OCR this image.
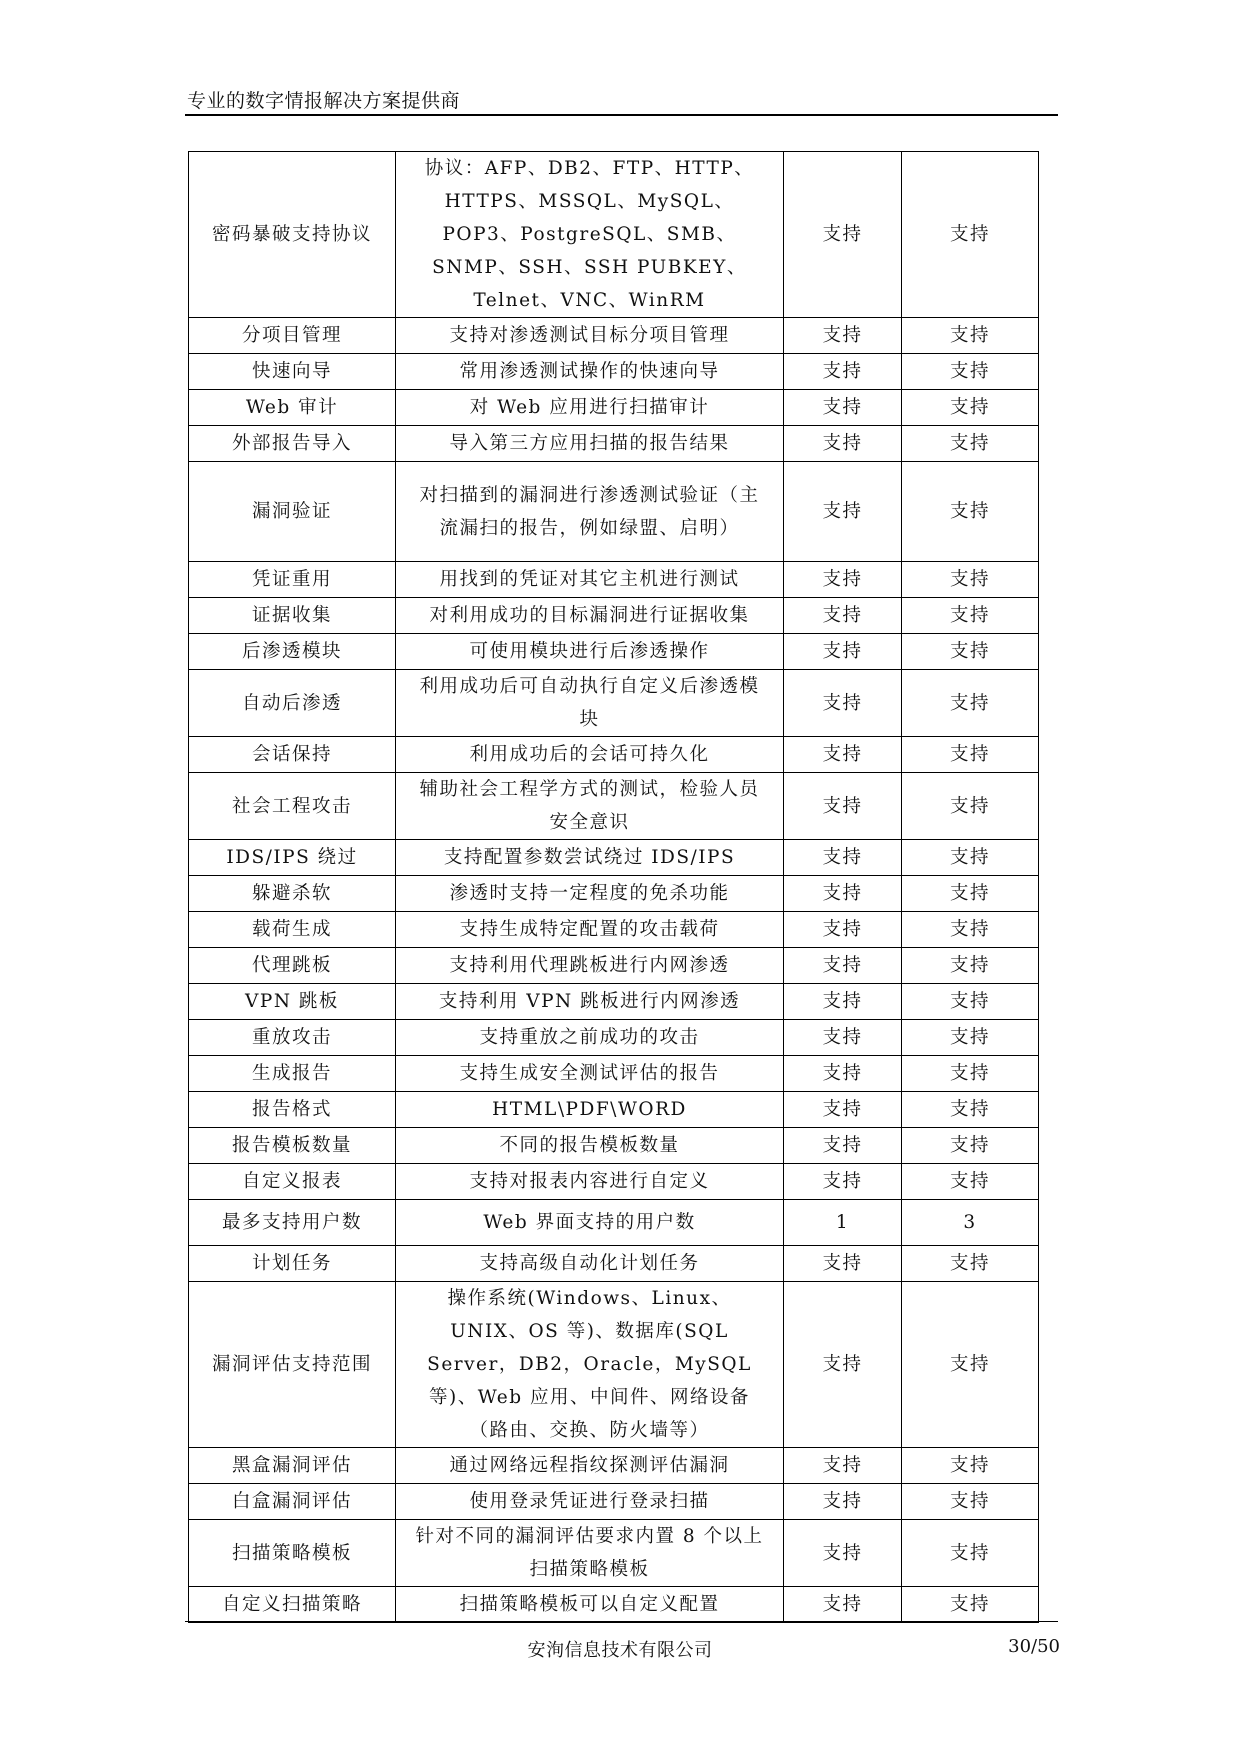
专业的数字情报解决方案提供商
密码暴破支持协议	协议：AFP、DB2、FTP、HTTP、HTTPS、MSSQL、MySQL、POP3、PostgreSQL、SMB、SNMP、SSH、SSH PUBKEY、Telnet、VNC、WinRM	支持	支持
分项目管理	支持对渗透测试目标分项目管理	支持	支持
快速向导	常用渗透测试操作的快速向导	支持	支持
Web 审计	对 Web 应用进行扫描审计	支持	支持
外部报告导入	导入第三方应用扫描的报告结果	支持	支持
漏洞验证	对扫描到的漏洞进行渗透测试验证（主流漏扫的报告，例如绿盟、启明）	支持	支持
凭证重用	用找到的凭证对其它主机进行测试	支持	支持
证据收集	对利用成功的目标漏洞进行证据收集	支持	支持
后渗透模块	可使用模块进行后渗透操作	支持	支持
自动后渗透	利用成功后可自动执行自定义后渗透模块	支持	支持
会话保持	利用成功后的会话可持久化	支持	支持
社会工程攻击	辅助社会工程学方式的测试，检验人员安全意识	支持	支持
IDS/IPS 绕过	支持配置参数尝试绕过 IDS/IPS	支持	支持
躲避杀软	渗透时支持一定程度的免杀功能	支持	支持
载荷生成	支持生成特定配置的攻击载荷	支持	支持
代理跳板	支持利用代理跳板进行内网渗透	支持	支持
VPN 跳板	支持利用 VPN 跳板进行内网渗透	支持	支持
重放攻击	支持重放之前成功的攻击	支持	支持
生成报告	支持生成安全测试评估的报告	支持	支持
报告格式	HTML\PDF\WORD	支持	支持
报告模板数量	不同的报告模板数量	支持	支持
自定义报表	支持对报表内容进行自定义	支持	支持
最多支持用户数	Web 界面支持的用户数	1	3
计划任务	支持高级自动化计划任务	支持	支持
漏洞评估支持范围	操作系统(Windows、Linux、UNIX、OS 等)、数据库(SQL Server，DB2，Oracle，MySQL 等)、Web 应用、中间件、网络设备（路由、交换、防火墙等）	支持	支持
黑盒漏洞评估	通过网络远程指纹探测评估漏洞	支持	支持
白盒漏洞评估	使用登录凭证进行登录扫描	支持	支持
扫描策略模板	针对不同的漏洞评估要求内置 8 个以上扫描策略模板	支持	支持
自定义扫描策略	扫描策略模板可以自定义配置	支持	支持
安洵信息技术有限公司	30/50
